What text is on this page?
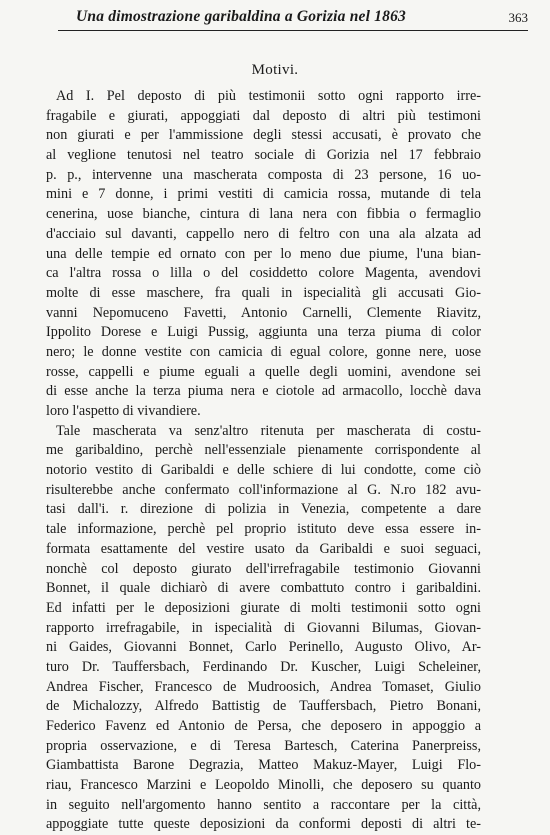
Una dimostrazione garibaldina a Gorizia nel 1863	363
Motivi.
Ad I. Pel deposto di più testimonii sotto ogni rapporto irre-
fragabile e giurati, appoggiati dal deposto di altri più testimoni
non giurati e per l'ammissione degli stessi accusati, è provato che
al veglione tenutosi nel teatro sociale di Gorizia nel 17 febbraio
p. p., intervenne una mascherata composta di 23 persone, 16 uo-
mini e 7 donne, i primi vestiti di camicia rossa, mutande di tela
cenerina, uose bianche, cintura di lana nera con fibbia o fermaglio
d'acciaio sul davanti, cappello nero di feltro con una ala alzata ad
una delle tempie ed ornato con per lo meno due piume, l'una bian-
ca l'altra rossa o lilla o del cosiddetto colore Magenta, avendovi
molte di esse maschere, fra quali in ispecialità gli accusati Gio-
vanni Nepomuceno Favetti, Antonio Carnelli, Clemente Riavitz,
Ippolito Dorese e Luigi Pussig, aggiunta una terza piuma di color
nero; le donne vestite con camicia di egual colore, gonne nere, uose
rosse, cappelli e piume eguali a quelle degli uomini, avendone sei
di esse anche la terza piuma nera e ciotole ad armacollo, locchè dava
loro l'aspetto di vivandiere.
Tale mascherata va senz'altro ritenuta per mascherata di costu-
me garibaldino, perchè nell'essenziale pienamente corrispondente al
notorio vestito di Garibaldi e delle schiere di lui condotte, come ciò
risulterebbe anche confermato coll'informazione al G. N.ro 182 avu-
tasi dall'i. r. direzione di polizia in Venezia, competente a dare
tale informazione, perchè pel proprio istituto deve essa essere in-
formata esattamente del vestire usato da Garibaldi e suoi seguaci,
nonchè col deposto giurato dell'irrefragabile testimonio Giovanni
Bonnet, il quale dichiarò di avere combattuto contro i garibaldini.
Ed infatti per le deposizioni giurate di molti testimonii sotto ogni
rapporto irrefragabile, in ispecialità di Giovanni Bilumas, Giovan-
ni Gaides, Giovanni Bonnet, Carlo Perinello, Augusto Olivo, Ar-
turo Dr. Tauffersbach, Ferdinando Dr. Kuscher, Luigi Scheleiner,
Andrea Fischer, Francesco de Mudroosich, Andrea Tomaset, Giulio
de Michalozzy, Alfredo Battistig de Tauffersbach, Pietro Bonani,
Federico Favenz ed Antonio de Persa, che deposero in appoggio a
propria osservazione, e di Teresa Bartesch, Caterina Panerpreiss,
Giambattista Barone Degrazia, Matteo Makuz-Mayer, Luigi Flo-
riau, Francesco Marzini e Leopoldo Minolli, che deposero su quanto
in seguito nell'argomento hanno sentito a raccontare per la città,
appoggiate tutte queste deposizioni da conformi deposti di altri te-
